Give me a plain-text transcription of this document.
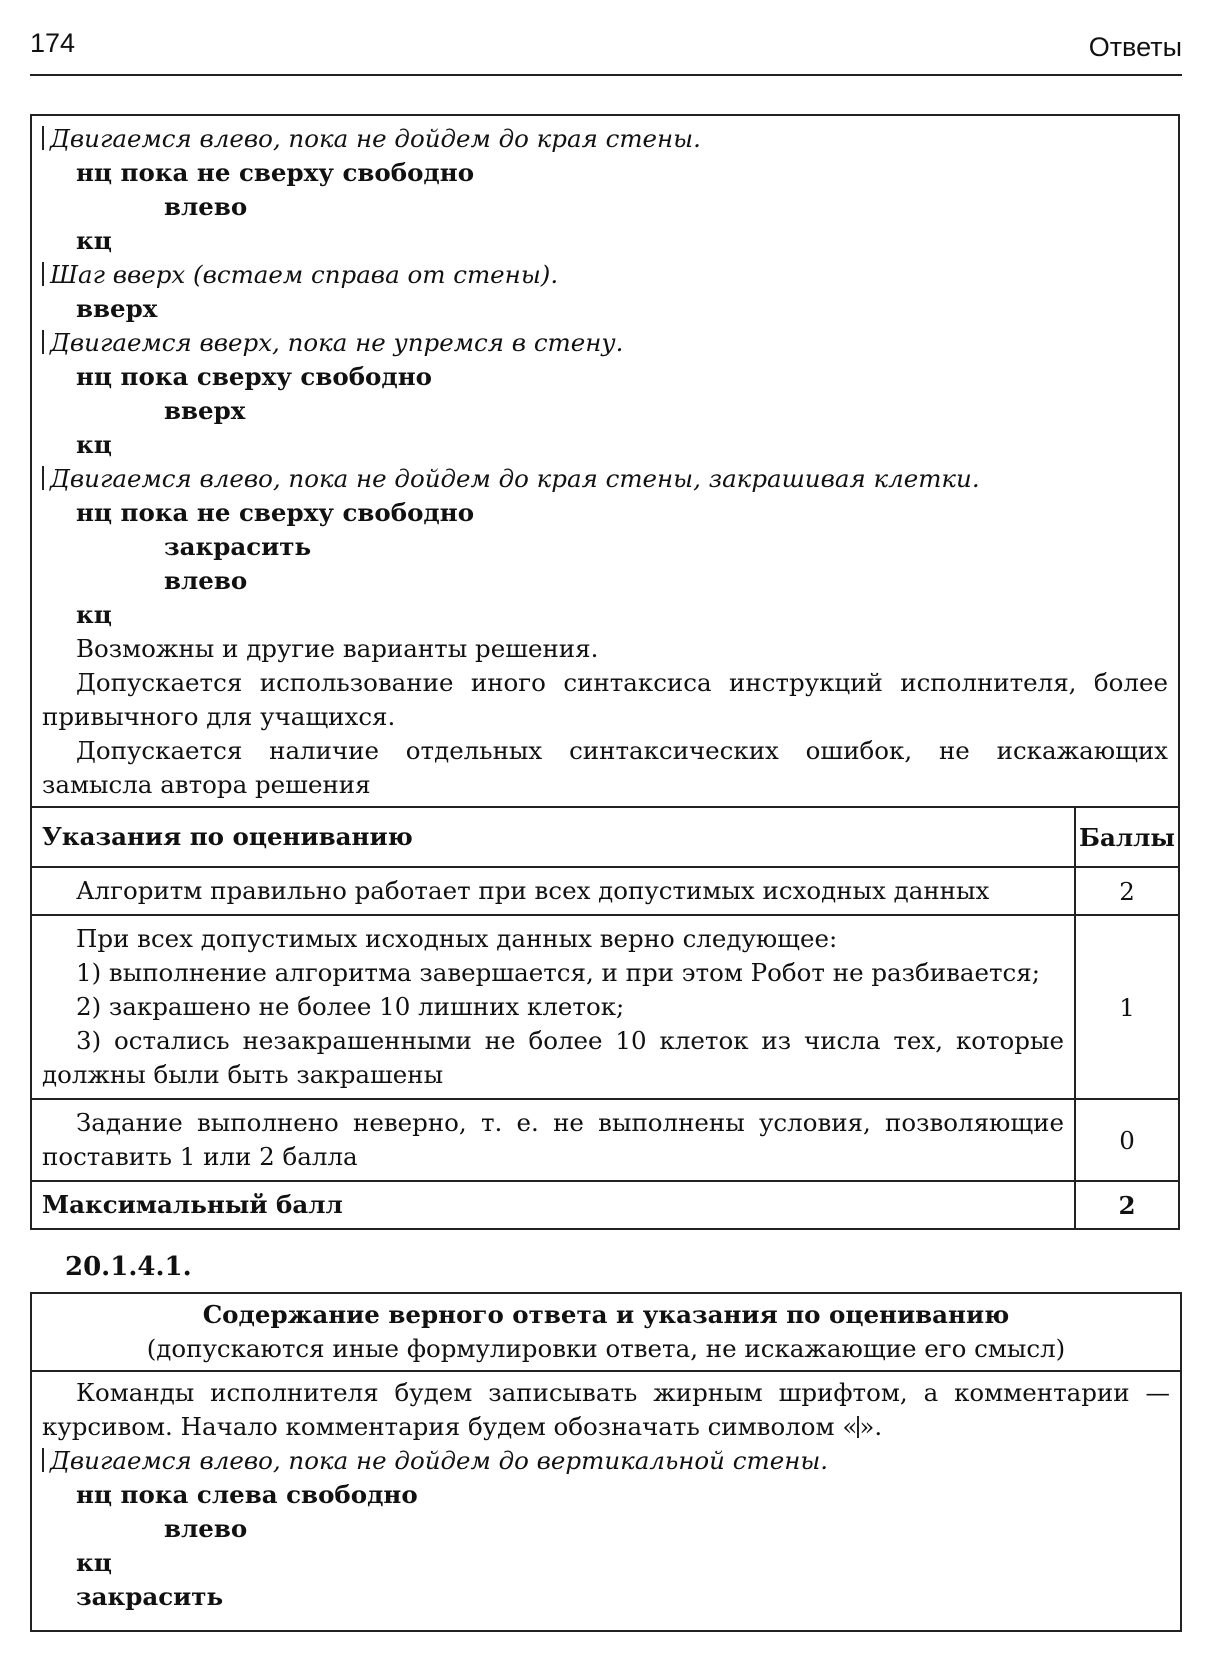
174	Ответы
Двигаемся влево, пока не дойдем до края стены.
нц пока не сверху свободно
влево
кц
Шаг вверх (встаем справа от стены).
вверх
Двигаемся вверх, пока не упремся в стену.
нц пока сверху свободно
вверх
кц
Двигаемся влево, пока не дойдем до края стены, закрашивая клетки.
нц пока не сверху свободно
закрасить
влево
кц
Возможны и другие варианты решения.
Допускается использование иного синтаксиса инструкций исполнителя, более привычного для учащихся.
Допускается наличие отдельных синтаксических ошибок, не искажающих замысла автора решения
Указания по оцениванию	Баллы
Алгоритм правильно работает при всех допустимых исходных данных	2

При всех допустимых исходных данных верно следующее:
1) выполнение алгоритма завершается, и при этом Робот не разбивается;
2) закрашено не более 10 лишних клеток;
3) остались незакрашенными не более 10 клеток из числа тех, которые должны были быть закрашены	1
Задание выполнено неверно, т. е. не выполнены условия, позволяющие поставить 1 или 2 балла	0
Максимальный балл	2
20.1.4.1.
Содержание верного ответа и указания по оцениванию
(допускаются иные формулировки ответа, не искажающие его смысл)
Команды исполнителя будем записывать жирным шрифтом, а комментарии — курсивом. Начало комментария будем обозначать символом «».
Двигаемся влево, пока не дойдем до вертикальной стены.
нц пока слева свободно
влево
кц
закрасить
